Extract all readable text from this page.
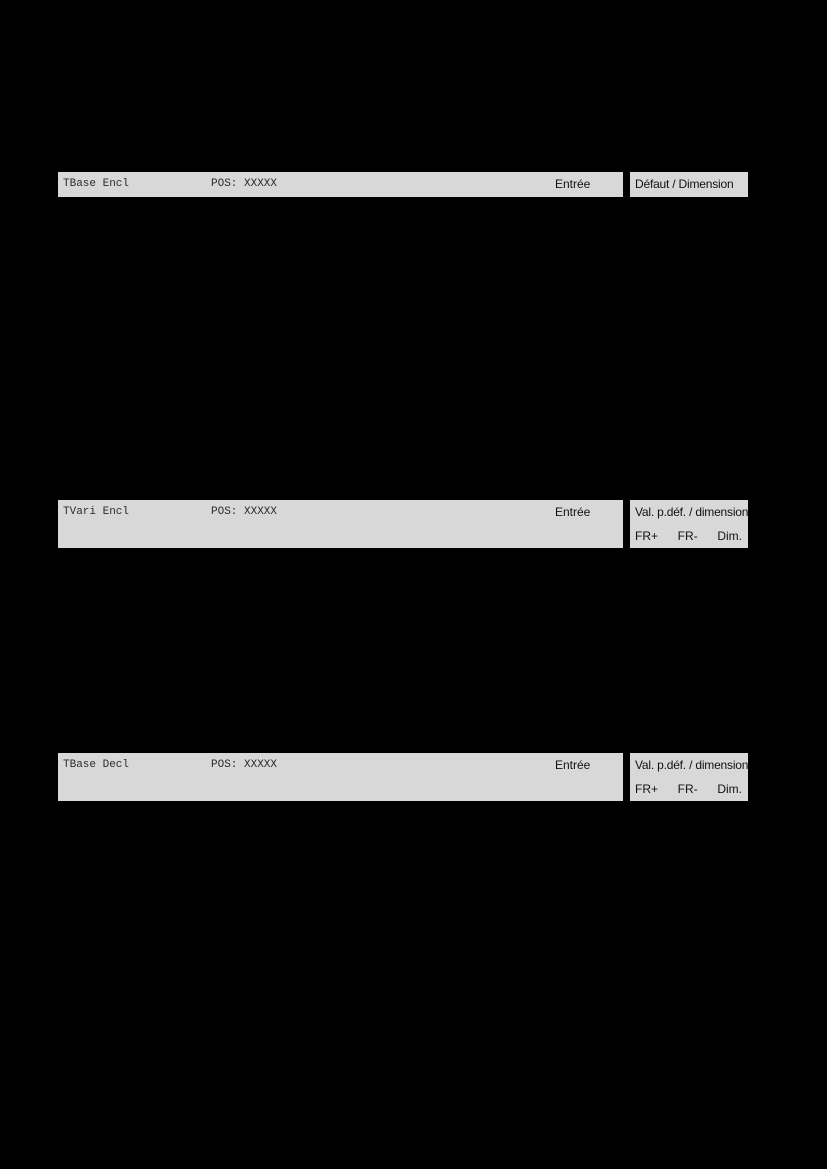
TBase Encl	POS: XXXXX	Entrée	Défaut / Dimension
TVari Encl	POS: XXXXX	Entrée	Val. p.déf. / dimension
FR+ FR- Dim.
TBase Decl	POS: XXXXX	Entrée	Val. p.déf. / dimension
FR+ FR- Dim.
